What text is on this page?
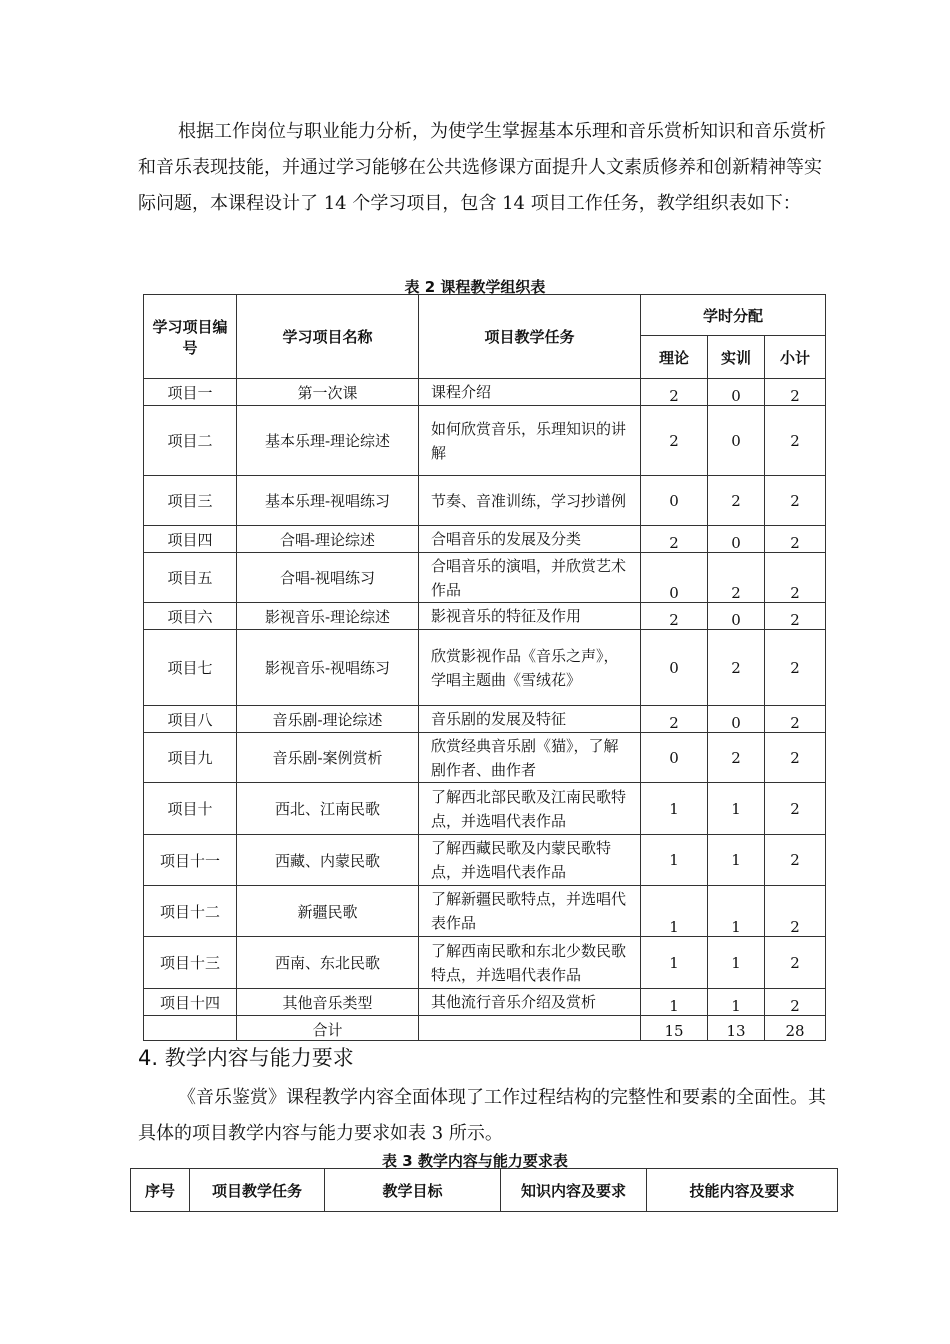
根据工作岗位与职业能力分析，为使学生掌握基本乐理和音乐赏析知识和音乐赏析和音乐表现技能，并通过学习能够在公共选修课方面提升人文素质修养和创新精神等实际问题，本课程设计了 14 个学习项目，包含 14 项目工作任务，教学组织表如下：

表 2 课程教学组织表

学习项目编号	学习项目名称	项目教学任务	学时分配		
			理论	实训	小计
项目一	第一次课	课程介绍	2	0	2
项目二	基本乐理-理论综述	如何欣赏音乐，乐理知识的讲解	2	0	2
项目三	基本乐理-视唱练习	节奏、音准训练，学习抄谱例	0	2	2
项目四	合唱-理论综述	合唱音乐的发展及分类	2	0	2
项目五	合唱-视唱练习	合唱音乐的演唱，并欣赏艺术作品	0	2	2
项目六	影视音乐-理论综述	影视音乐的特征及作用	2	0	2
项目七	影视音乐-视唱练习	欣赏影视作品《音乐之声》，学唱主题曲《雪绒花》	0	2	2
项目八	音乐剧-理论综述	音乐剧的发展及特征	2	0	2
项目九	音乐剧-案例赏析	欣赏经典音乐剧《猫》，了解剧作者、曲作者	0	2	2
项目十	西北、江南民歌	了解西北部民歌及江南民歌特点，并选唱代表作品	1	1	2
项目十一	西藏、内蒙民歌	了解西藏民歌及内蒙民歌特点，并选唱代表作品	1	1	2
项目十二	新疆民歌	了解新疆民歌特点，并选唱代表作品	1	1	2
项目十三	西南、东北民歌	了解西南民歌和东北少数民歌特点，并选唱代表作品	1	1	2
项目十四	其他音乐类型	其他流行音乐介绍及赏析	1	1	2
	合计		15	13	28
4. 教学内容与能力要求

《音乐鉴赏》课程教学内容全面体现了工作过程结构的完整性和要素的全面性。其具体的项目教学内容与能力要求如表 3 所示。

表 3 教学内容与能力要求表

序号	项目教学任务	教学目标	知识内容及要求	技能内容及要求
